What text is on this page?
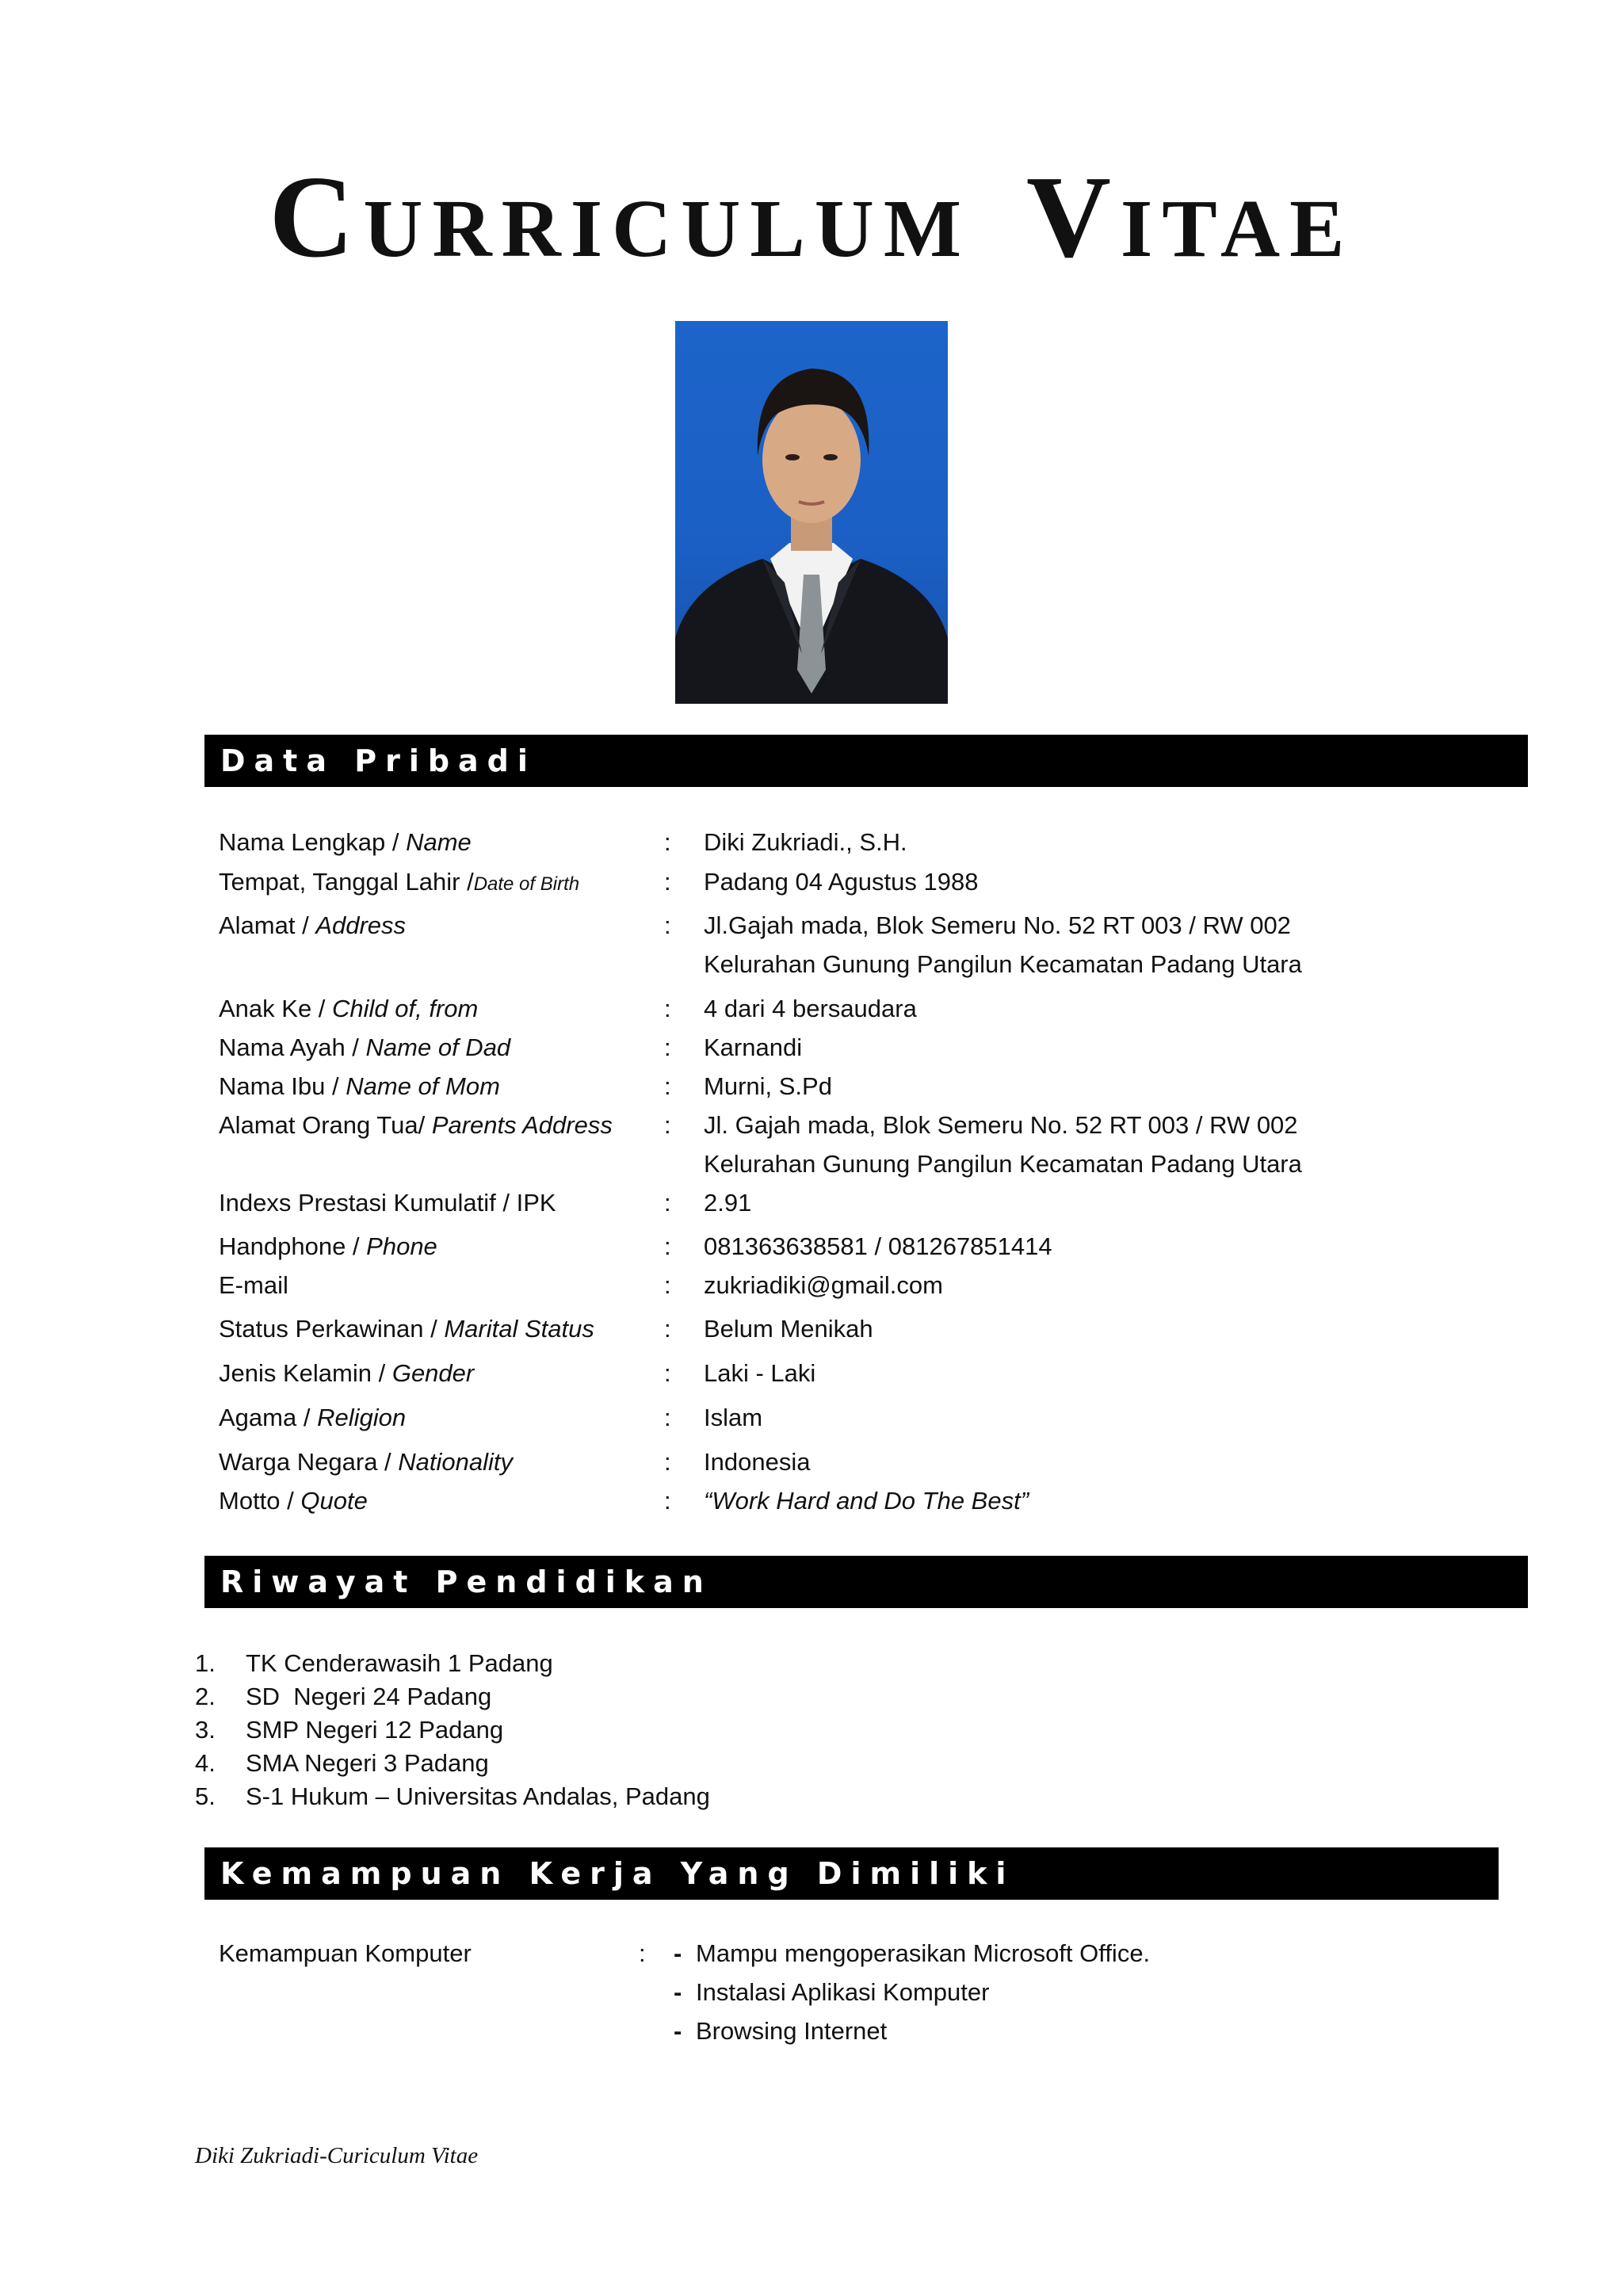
Curriculum Vitae
Data Pribadi
Nama Lengkap / Name	: Diki Zukriadi., S.H.
Tempat, Tanggal Lahir /Date of Birth	: Padang 04 Agustus 1988
Alamat / Address	: Jl.Gajah mada, Blok Semeru No. 52 RT 003 / RW 002
Kelurahan Gunung Pangilun Kecamatan Padang Utara
Anak Ke / Child of, from	: 4 dari 4 bersaudara
Nama Ayah / Name of Dad	: Karnandi
Nama Ibu / Name of Mom	: Murni, S.Pd
Alamat Orang Tua/ Parents Address : Jl. Gajah mada, Blok Semeru No. 52 RT 003 / RW 002
Kelurahan Gunung Pangilun Kecamatan Padang Utara
Indexs Prestasi Kumulatif / IPK	: 2.91
Handphone / Phone	: 081363638581 / 081267851414
E-mail	: zukriadiki@gmail.com
Status Perkawinan / Marital Status	: Belum Menikah
Jenis Kelamin / Gender	: Laki - Laki
Agama / Religion	: Islam
Warga Negara / Nationality	: Indonesia
Motto / Quote	: “Work Hard and Do The Best”
Riwayat Pendidikan
1. TK Cenderawasih 1 Padang
2. SD  Negeri 24 Padang
3. SMP Negeri 12 Padang
4. SMA Negeri 3 Padang
5. S-1 Hukum – Universitas Andalas, Padang
Kemampuan Kerja Yang Dimiliki
Kemampuan Komputer	: - Mampu mengoperasikan Microsoft Office.
- Instalasi Aplikasi Komputer
- Browsing Internet
Diki Zukriadi-Curiculum Vitae
